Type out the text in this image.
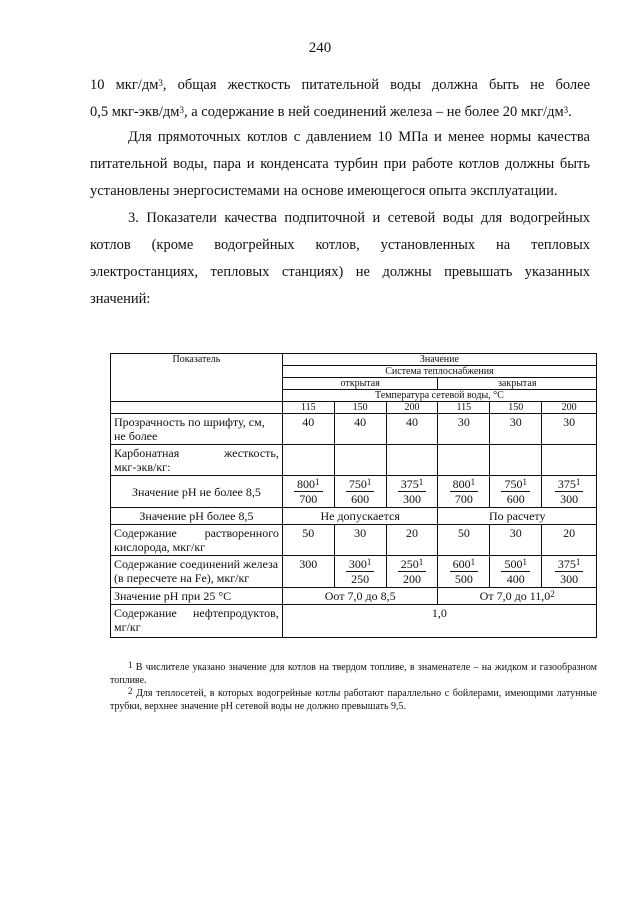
240
10 мкг/$дм^3$, общая жесткость питательной воды должна быть не более
0,5 мкг-$экв/дм^3$, а содержание в ней соединений железа – не более 20 мкг/$дм^3$.
Для прямоточных котлов с давлением 10 МПа и менее нормы качества
питательной воды, пара и конденсата турбин при работе котлов должны быть
установлены энергосистемами на основе имеющегося опыта эксплуатации.
3. Показатели качества подпиточной и сетевой воды для водогрейных
котлов (кроме водогрейных котлов, установленных на тепловых
электростанциях, тепловых станциях) не должны превышать указанных
значений:
Показатель	Значение					
	Система теплоснабжения					
	открытая			закрытая		
	Температура сетевой воды, °C					
	115	150	200	115	150	200
Прозрачность по шрифту, см, не более	40	40	40	30	30	30

Карбонатная жесткость,
мкг-экв/кг:						
Значение pH не более 8,5	$\frac{800^1}{700}$	$\frac{750^1}{600}$	$\frac{375^1}{300}$	$\frac{800^1}{700}$	$\frac{750^1}{600}$	$\frac{375^1}{300}$

Значение pH более 8,5	Не допускается			По расчету		

Содержание растворенного
кислорода, мкг/кг	50	30	20	50	30	20
Содержание соединений железа (в пересчете на Fe), мкг/кг	300	$\frac{300^1}{250}$	$\frac{250^1}{200}$	$\frac{600^1}{500}$	$\frac{500^1}{400}$	$\frac{375^1}{300}$

Значение pH при 25 °C	Оот 7,0 до 8,5			От 7,0 до 11,0$^2$

Содержание нефтепродуктов,
мг/кг	1,0					
$^1$ В числителе указано значение для котлов на твердом топливе, в знаменателе – на жидком и газообразном топливе.
$^2$ Для теплосетей, в которых водогрейные котлы работают параллельно с бойлерами, имеющими латунные трубки, верхнее значение pH сетевой воды не должно превышать 9,5.
